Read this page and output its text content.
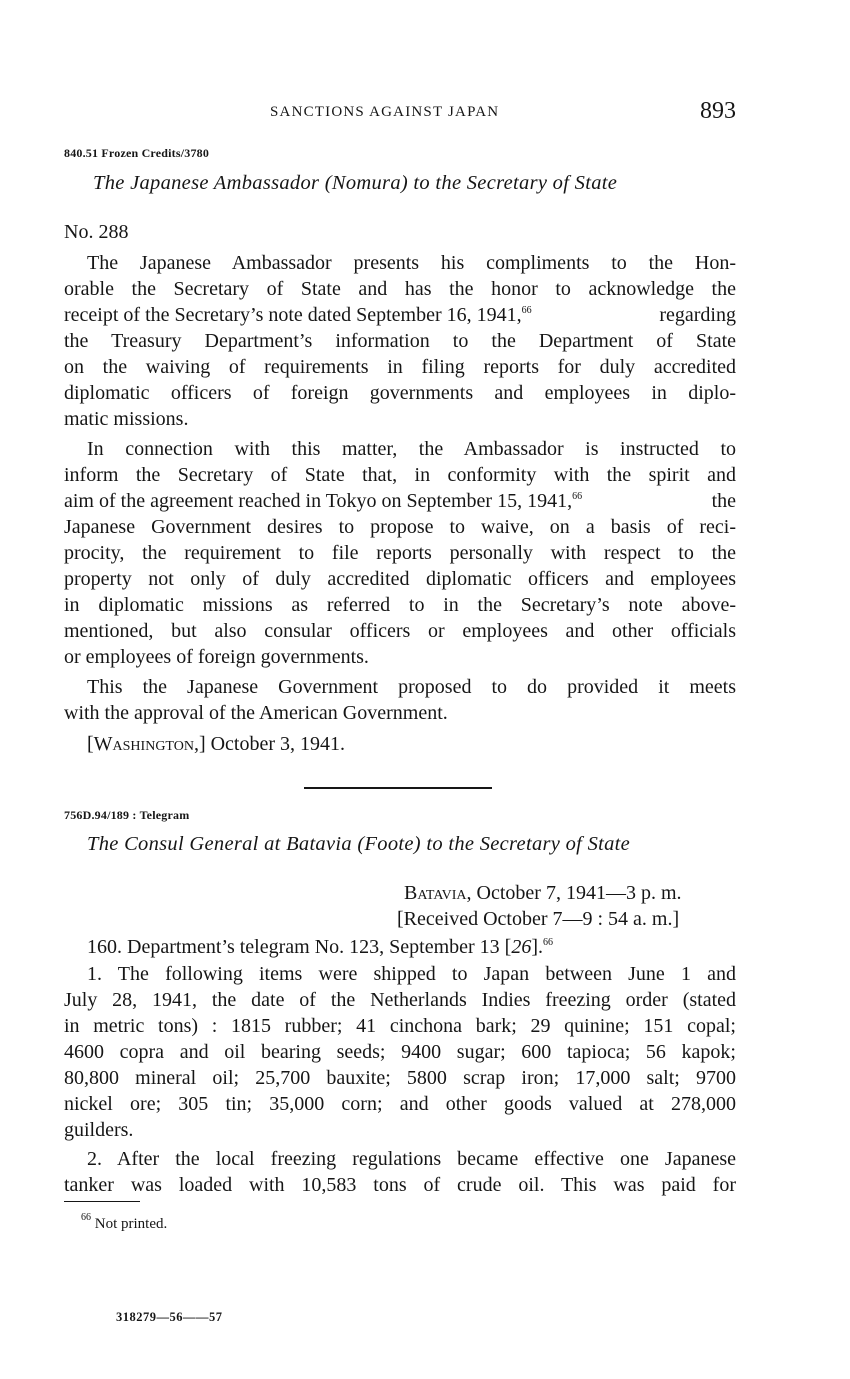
SANCTIONS AGAINST JAPAN	893
840.51 Frozen Credits/3780
The Japanese Ambassador (Nomura) to the Secretary of State
No. 288
The Japanese Ambassador presents his compliments to the Hon-
orable the Secretary of State and has the honor to acknowledge the
receipt of the Secretary’s note dated September 16, 1941,66	regarding
the Treasury Department’s information to the Department of State
on the waiving of requirements in filing reports for duly accredited
diplomatic officers of foreign governments and employees in diplo-
matic missions.
In connection with this matter, the Ambassador is instructed to
inform the Secretary of State that, in conformity with the spirit and
aim of the agreement reached in Tokyo on September 15, 1941,66	the
Japanese Government desires to propose to waive, on a basis of reci-
procity, the requirement to file reports personally with respect to the
property not only of duly accredited diplomatic officers and employees
in diplomatic missions as referred to in the Secretary’s note above-
mentioned, but also consular officers or employees and other officials
or employees of foreign governments.
This the Japanese Government proposed to do provided it meets
with the approval of the American Government.
[Washington,] October 3, 1941.
756D.94/189 : Telegram
The Consul General at Batavia (Foote) to the Secretary of State
Batavia, October 7, 1941—3 p. m.
[Received October 7—9 : 54 a. m.]
160. Department’s telegram No. 123, September 13 [26].$^{66}$
1. The following items were shipped to Japan between June 1 and
July 28, 1941, the date of the Netherlands Indies freezing order (stated
in metric tons) : 1815 rubber; 41 cinchona bark; 29 quinine; 151 copal;
4600 copra and oil bearing seeds; 9400 sugar; 600 tapioca; 56 kapok;
80,800 mineral oil; 25,700 bauxite; 5800 scrap iron; 17,000 salt; 9700
nickel ore; 305 tin; 35,000 corn; and other goods valued at 278,000
guilders.
2. After the local freezing regulations became effective one Japanese
tanker was loaded with 10,583 tons of crude oil. This was paid for
$^{66}$ Not printed.
318279—56——57
